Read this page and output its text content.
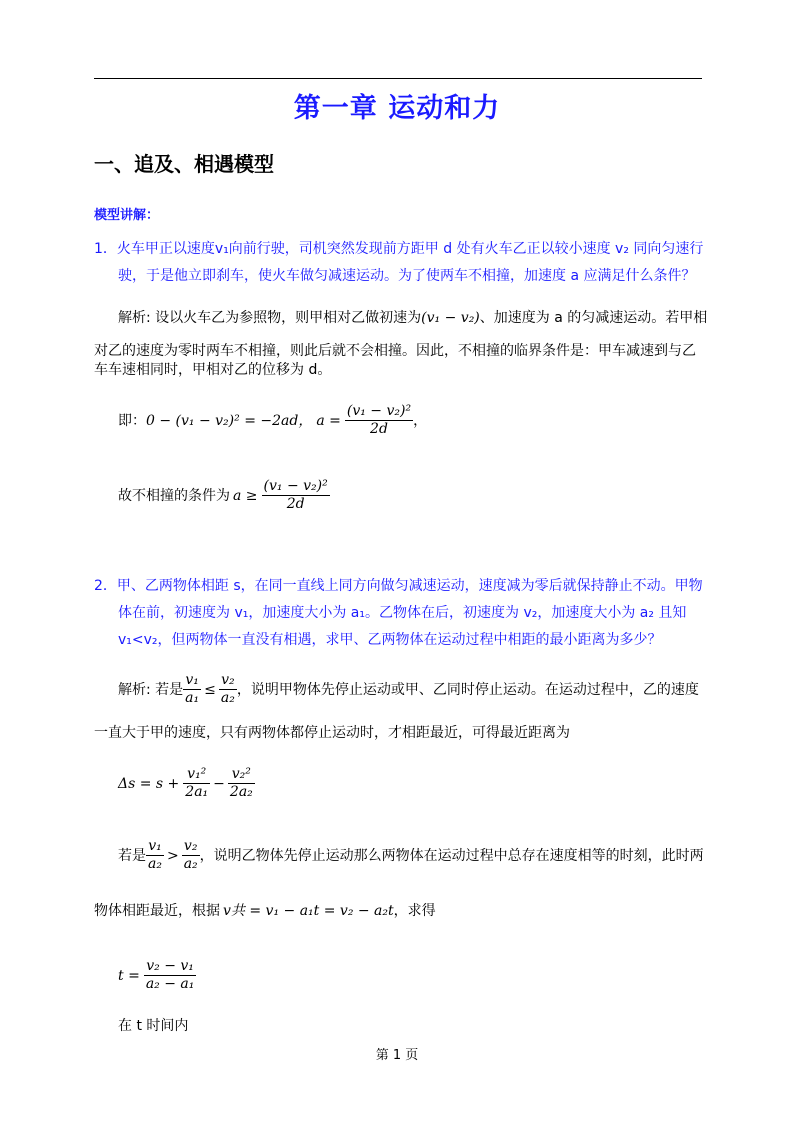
第一章 运动和力
一、追及、相遇模型
模型讲解：
1．火车甲正以速度v₁向前行驶，司机突然发现前方距甲 d 处有火车乙正以较小速度 v₂ 同向匀速行
驶，于是他立即刹车，使火车做匀减速运动。为了使两车不相撞，加速度 a 应满足什么条件？
解析: 设以火车乙为参照物，则甲相对乙做初速为(v₁ − v₂)、加速度为 a 的匀减速运动。若甲相
对乙的速度为零时两车不相撞，则此后就不会相撞。因此，不相撞的临界条件是：甲车减速到与乙
车车速相同时，甲相对乙的位移为 d。
即： 0 − (v₁ − v₂)² = −2ad， $a = \frac{\text{(v₁ − v₂)²}}{2d}$ ，
故不相撞的条件为 $a \ge \frac{\text{(v₁ − v₂)²}}{2d}$
2．甲、乙两物体相距 s，在同一直线上同方向做匀减速运动，速度减为零后就保持静止不动。甲物
体在前，初速度为 v₁，加速度大小为 a₁。乙物体在后，初速度为 v₂，加速度大小为 a₂ 且知
v₁<v₂，但两物体一直没有相遇，求甲、乙两物体在运动过程中相距的最小距离为多少？
解析: 若是 $\frac{\text{v₁}}{\text{a₁}} \le \frac{\text{v₂}}{\text{a₂}}$ ，说明甲物体先停止运动或甲、乙同时停止运动。在运动过程中，乙的速度
一直大于甲的速度，只有两物体都停止运动时，才相距最近，可得最近距离为
$\Delta s = s + \frac{\text{v₁²}}{\text{2a₁}} - \frac{\text{v₂²}}{\text{2a₂}}$
若是 $\frac{\text{v₁}}{\text{a₂}} > \frac{\text{v₂}}{\text{a₂}}$ ，说明乙物体先停止运动那么两物体在运动过程中总存在速度相等的时刻，此时两
物体相距最近，根据 v共 = v₁ − a₁t = v₂ − a₂t，求得
$t = \frac{\text{v₂ − v₁}}{\text{a₂ − a₁}}$
在 t 时间内
第 1 页
